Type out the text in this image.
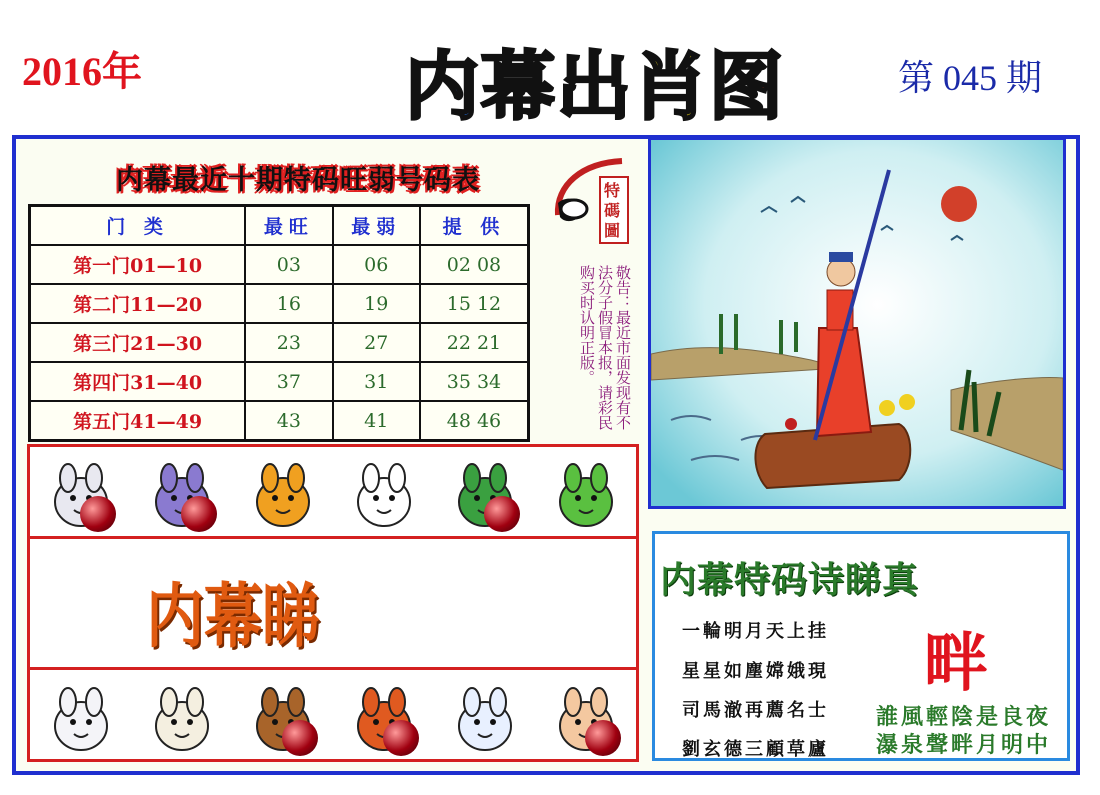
2016年	内幕出肖图	第 045 期
内幕最近十期特码旺弱号码表
门 类	最旺	最弱	提 供
第一门01—10	03	06	02 08
第二门11—20	16	19	15 12
第三门21—30	23	27	22 21
第四门31—40	37	31	35 34
第五门41—49	43	41	48 46
特碼圖
敬告：最近市面发现有不法分子假冒本报，请彩民购买时认明正版。
内幕睇	内幕特码诗睇真
畔
一輪明月天上挂
星星如塵嫦娥現
司馬澈再薦名士
劉玄德三顧草廬
誰風輕陰是良夜
瀑泉聲畔月明中
